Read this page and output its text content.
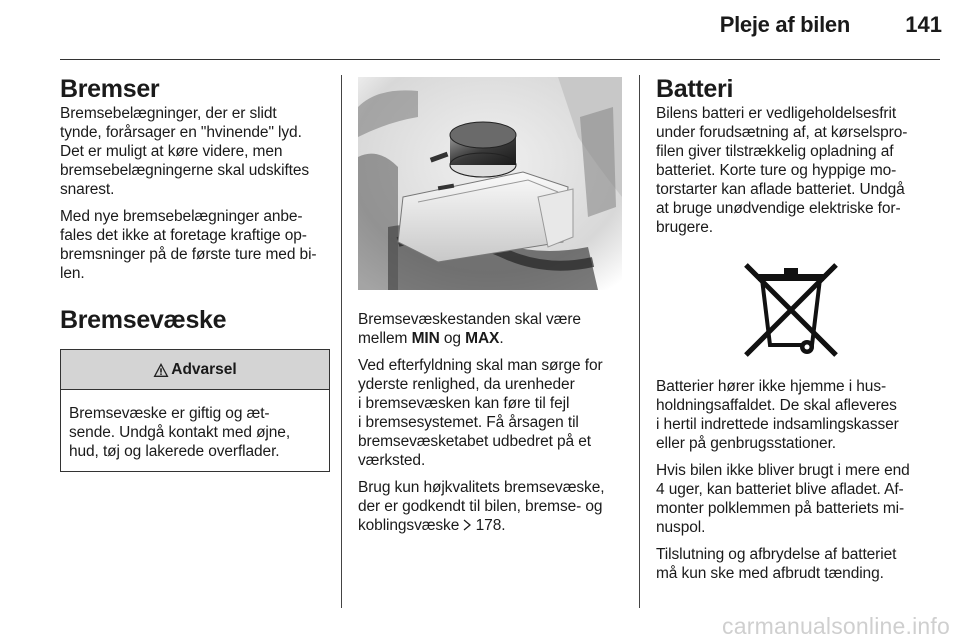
Pleje af bilen	141
Bremser

Bremsebelægninger, der er slidt
tynde, forårsager en "hvinende" lyd.
Det er muligt at køre videre, men
bremsebelægningerne skal udskiftes
snarest.

Med nye bremsebelægninger anbe-
fales det ikke at foretage kraftige op-
bremsninger på de første ture med bi-
len.

Bremsevæske
Advarsel

Bremsevæske er giftig og æt-
sende. Undgå kontakt med øjne,
hud, tøj og lakerede overflader.

Bremsevæskestanden skal være
mellem MIN og MAX.

Ved efterfyldning skal man sørge for
yderste renlighed, da urenheder
i bremsevæsken kan føre til fejl
i bremsesystemet. Få årsagen til
bremsevæsketabet udbedret på et
værksted.

Brug kun højkvalitets bremsevæske,
der er godkendt til bilen, bremse- og
koblingsvæske  178.

Batteri

Bilens batteri er vedligeholdelsesfrit
under forudsætning af, at kørselspro-
filen giver tilstrækkelig opladning af
batteriet. Korte ture og hyppige mo-
torstarter kan aflade batteriet. Undgå
at bruge unødvendige elektriske for-
brugere.

Batterier hører ikke hjemme i hus-
holdningsaffaldet. De skal afleveres
i hertil indrettede indsamlingskasser
eller på genbrugsstationer.

Hvis bilen ikke bliver brugt i mere end
4 uger, kan batteriet blive afladet. Af-
monter polklemmen på batteriets mi-
nuspol.

Tilslutning og afbrydelse af batteriet
må kun ske med afbrudt tænding.

carmanualsonline.info
